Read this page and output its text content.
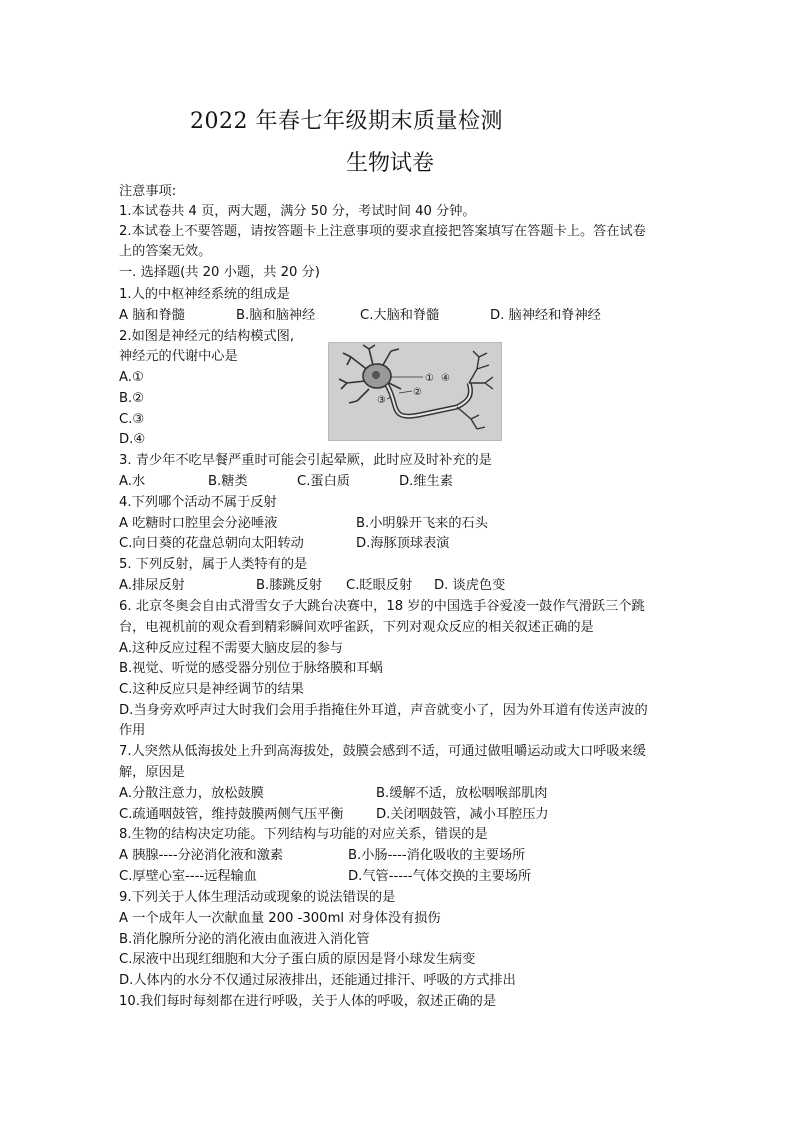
2022 年春七年级期末质量检测
生物试卷
注意事项:
1.本试卷共 4 页，两大题，满分 50 分，考试时间 40 分钟。
2.本试卷上不要答题，请按答题卡上注意事项的要求直接把答案填写在答题卡上。答在试卷
上的答案无效。
一. 选择题(共 20 小题，共 20 分)
1.人的中枢神经系统的组成是
A 脑和脊髓	B.脑和脑神经	C.大脑和脊髓	D. 脑神经和脊神经
2.如图是神经元的结构模式图,
神经元的代谢中心是
A.①
B.②
C.③
D.④
①
②
③
④
3. 青少年不吃早餐严重时可能会引起晕厥，此时应及时补充的是
A.水	B.糖类	C.蛋白质	D.维生素
4.下列哪个活动不属于反射
A 吃糖时口腔里会分泌唾液	B.小明躲开飞来的石头
C.向日葵的花盘总朝向太阳转动	D.海豚顶球表演
5. 下列反射，属于人类特有的是
A.排尿反射	B.膝跳反射 C.眨眼反射 D. 谈虎色变
6. 北京冬奥会自由式滑雪女子大跳台决赛中，18 岁的中国选手谷爱凌一鼓作气滑跃三个跳
台，电视机前的观众看到精彩瞬间欢呼雀跃，下列对观众反应的相关叙述正确的是
A.这种反应过程不需要大脑皮层的参与
B.视觉、听觉的感受器分别位于脉络膜和耳蜗
C.这种反应只是神经调节的结果
D.当身旁欢呼声过大时我们会用手指掩住外耳道，声音就变小了，因为外耳道有传送声波的
作用
7.人突然从低海拔处上升到高海拔处，鼓膜会感到不适，可通过做咀嚼运动或大口呼吸来缓
解，原因是
A.分散注意力，放松鼓膜	B.缓解不适，放松咽喉部肌肉
C.疏通咽鼓管，维持鼓膜两侧气压平衡 D.关闭咽鼓管，减小耳腔压力
8.生物的结构决定功能。下列结构与功能的对应关系，错误的是
A 胰腺----分泌消化液和激素	B.小肠----消化吸收的主要场所
C.厚壁心室----远程输血	D.气管-----气体交换的主要场所
9.下列关于人体生理活动或现象的说法错误的是
A 一个成年人一次献血量 200 -300ml 对身体没有损伤
B.消化腺所分泌的消化液由血液进入消化管
C.尿液中出现红细胞和大分子蛋白质的原因是肾小球发生病变
D.人体内的水分不仅通过尿液排出，还能通过排汗、呼吸的方式排出
10.我们每时每刻都在进行呼吸，关于人体的呼吸，叙述正确的是
